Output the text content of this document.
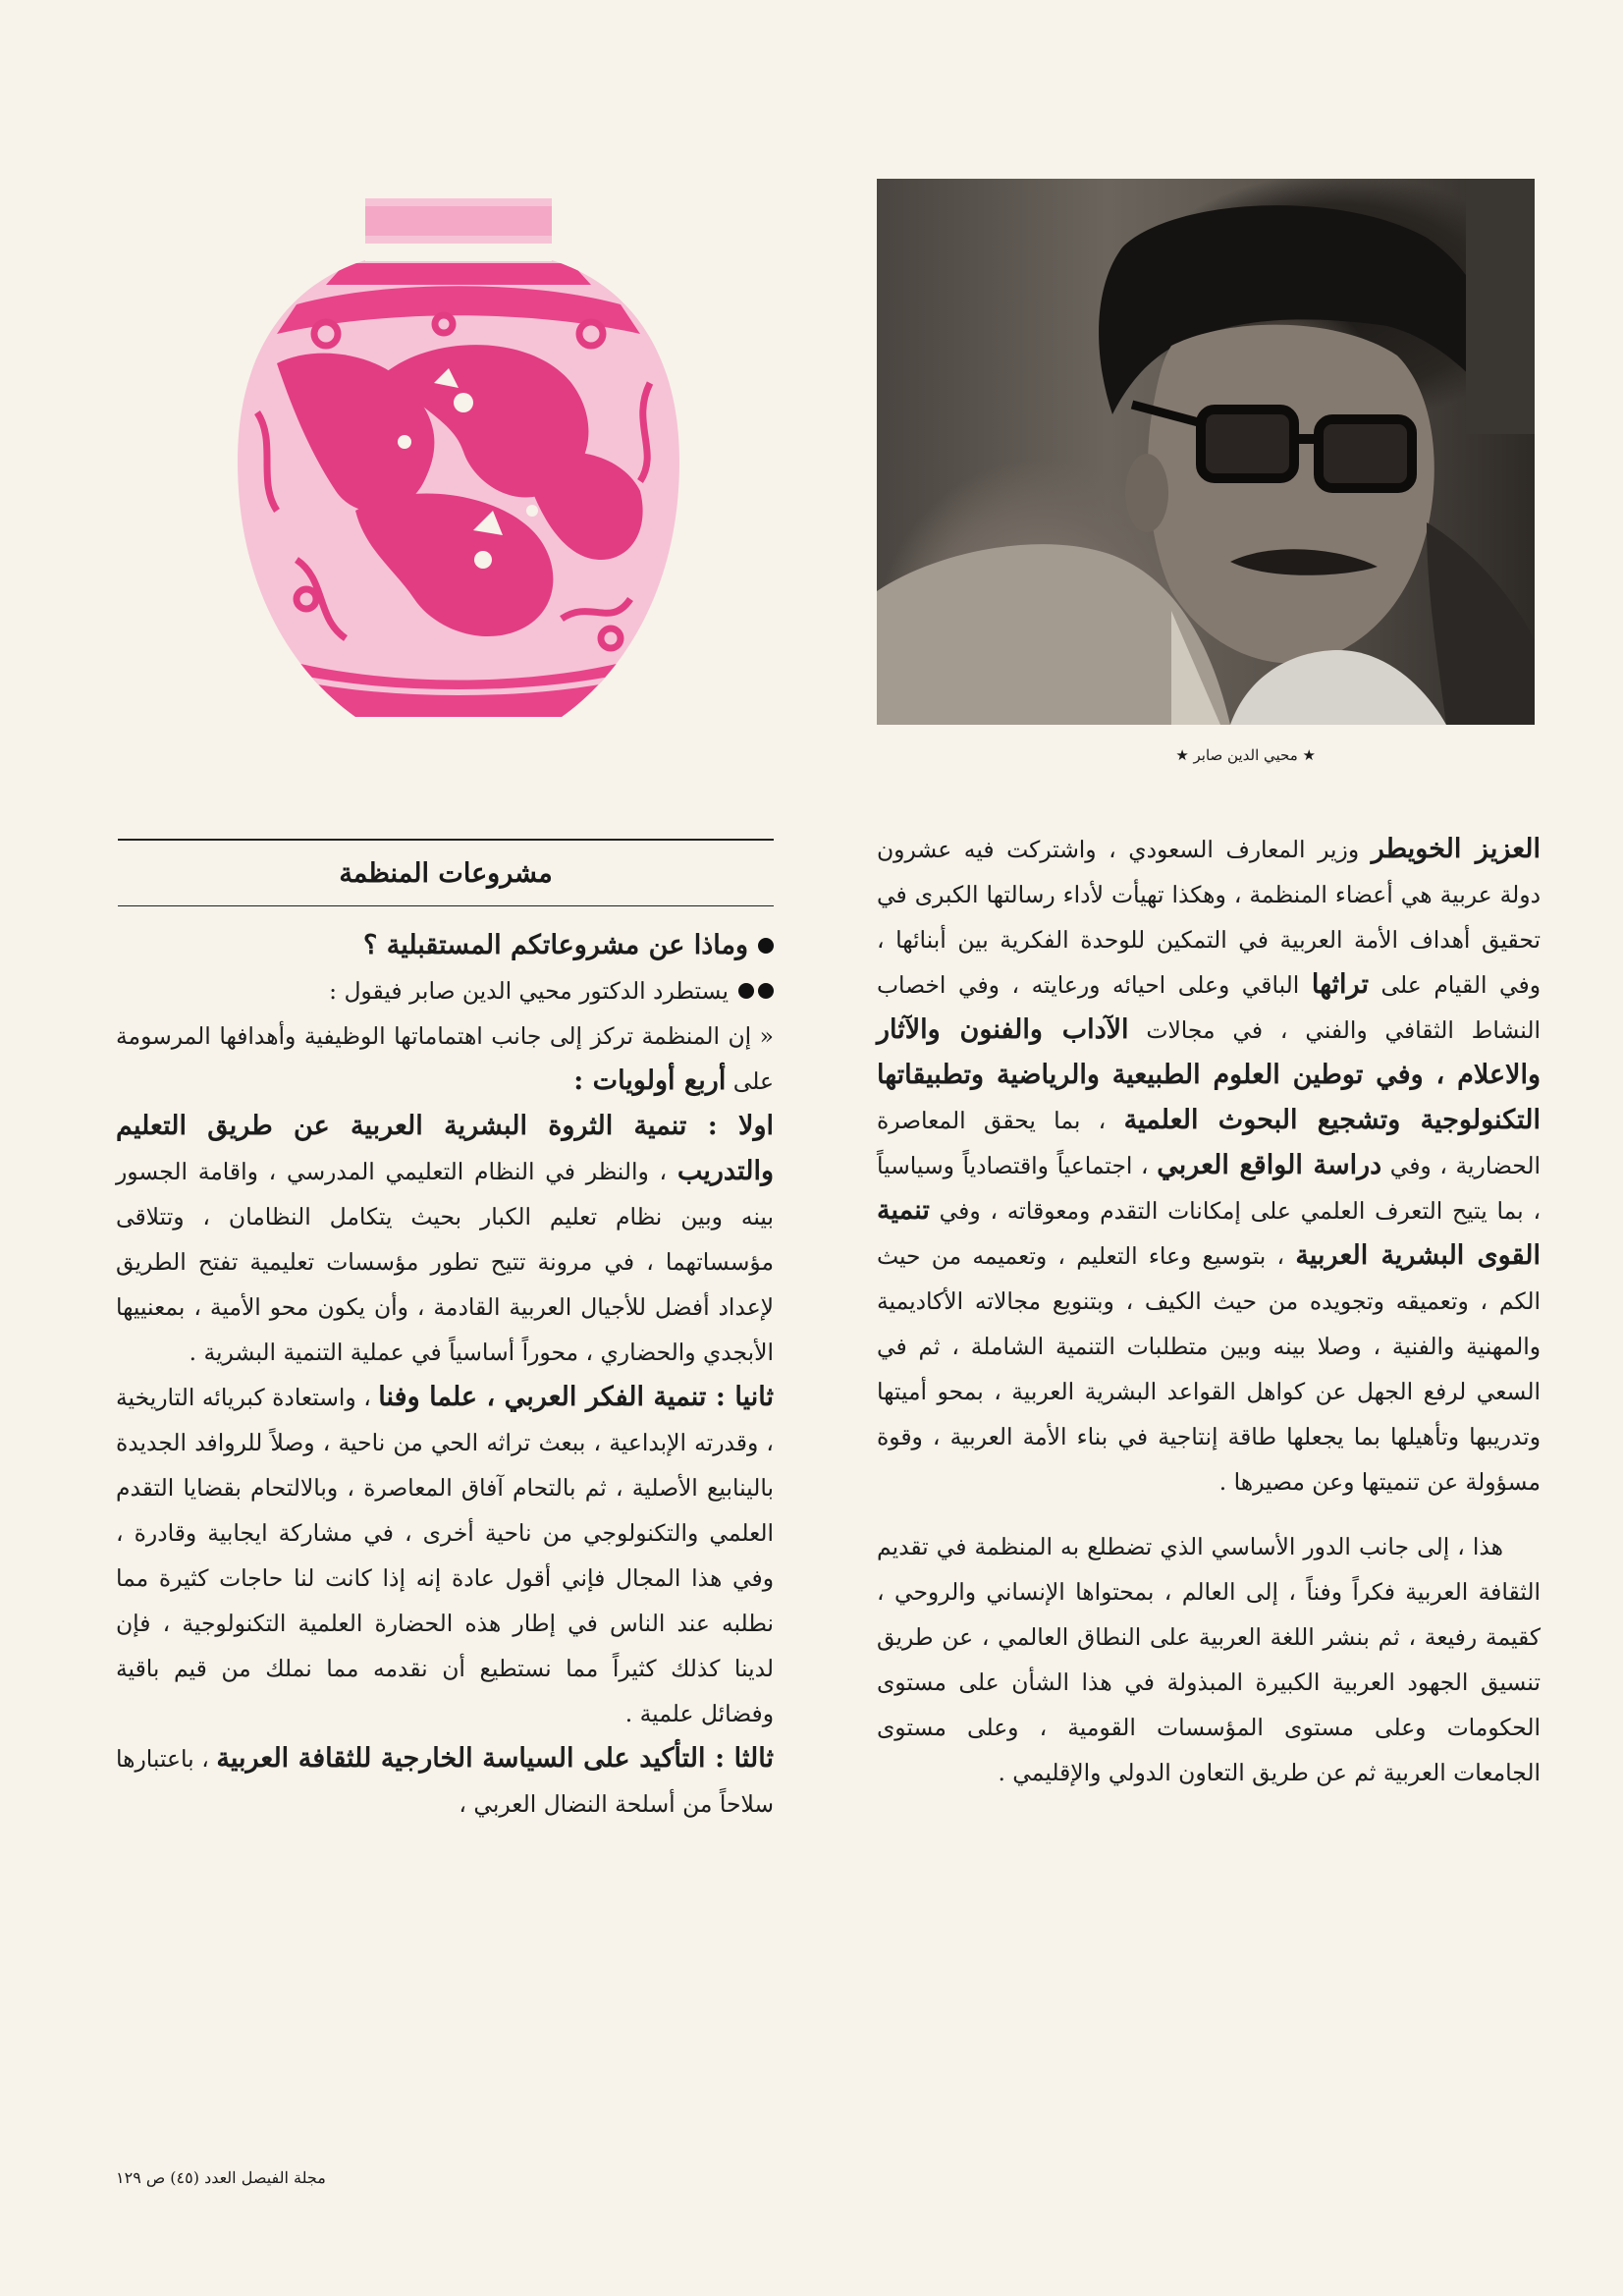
★ محيي الدين صابر ★

العزيز الخويطر وزير المعارف السعودي ، واشتركت فيه عشرون دولة عربية هي أعضاء المنظمة ، وهكذا تهيأت لأداء رسالتها الكبرى في تحقيق أهداف الأمة العربية في التمكين للوحدة الفكرية بين أبنائها ، وفي القيام على تراثها الباقي وعلى احيائه ورعايته ، وفي اخصاب النشاط الثقافي والفني ، في مجالات الآداب والفنون والآثار والاعلام ، وفي توطين العلوم الطبيعية والرياضية وتطبيقاتها التكنولوجية وتشجيع البحوث العلمية ، بما يحقق المعاصرة الحضارية ، وفي دراسة الواقع العربي ، اجتماعياً واقتصادياً وسياسياً ، بما يتيح التعرف العلمي على إمكانات التقدم ومعوقاته ، وفي تنمية القوى البشرية العربية ، بتوسيع وعاء التعليم ، وتعميمه من حيث الكم ، وتعميقه وتجويده من حيث الكيف ، وبتنويع مجالاته الأكاديمية والمهنية والفنية ، وصلا بينه وبين متطلبات التنمية الشاملة ، ثم في السعي لرفع الجهل عن كواهل القواعد البشرية العربية ، بمحو أميتها وتدريبها وتأهيلها بما يجعلها طاقة إنتاجية في بناء الأمة العربية ، وقوة مسؤولة عن تنميتها وعن مصيرها .

هذا ، إلى جانب الدور الأساسي الذي تضطلع به المنظمة في تقديم الثقافة العربية فكراً وفناً ، إلى العالم ، بمحتواها الإنساني والروحي ، كقيمة رفيعة ، ثم بنشر اللغة العربية على النطاق العالمي ، عن طريق تنسيق الجهود العربية الكبيرة المبذولة في هذا الشأن على مستوى الحكومات وعلى مستوى المؤسسات القومية ، وعلى مستوى الجامعات العربية ثم عن طريق التعاون الدولي والإقليمي .

مشروعات المنظمة

وماذا عن مشروعاتكم المستقبلية ؟

يستطرد الدكتور محيي الدين صابر فيقول :

« إن المنظمة تركز إلى جانب اهتماماتها الوظيفية وأهدافها المرسومة على أربع أولويات :

اولا : تنمية الثروة البشرية العربية عن طريق التعليم والتدريب ، والنظر في النظام التعليمي المدرسي ، واقامة الجسور بينه وبين نظام تعليم الكبار بحيث يتكامل النظامان ، وتتلاقى مؤسساتهما ، في مرونة تتيح تطور مؤسسات تعليمية تفتح الطريق لإعداد أفضل للأجيال العربية القادمة ، وأن يكون محو الأمية ، بمعنييها الأبجدي والحضاري ، محوراً أساسياً في عملية التنمية البشرية .

ثانيا : تنمية الفكر العربي ، علما وفنا ، واستعادة كبريائه التاريخية ، وقدرته الإبداعية ، ببعث تراثه الحي من ناحية ، وصلاً للروافد الجديدة بالينابيع الأصلية ، ثم بالتحام آفاق المعاصرة ، وبالالتحام بقضايا التقدم العلمي والتكنولوجي من ناحية أخرى ، في مشاركة ايجابية وقادرة ، وفي هذا المجال فإني أقول عادة إنه إذا كانت لنا حاجات كثيرة مما نطلبه عند الناس في إطار هذه الحضارة العلمية التكنولوجية ، فإن لدينا كذلك كثيراً مما نستطيع أن نقدمه مما نملك من قيم باقية وفضائل علمية .

ثالثا : التأكيد على السياسة الخارجية للثقافة العربية ، باعتبارها سلاحاً من أسلحة النضال العربي ،

مجلة الفيصل العدد (٤٥) ص ١٢٩
